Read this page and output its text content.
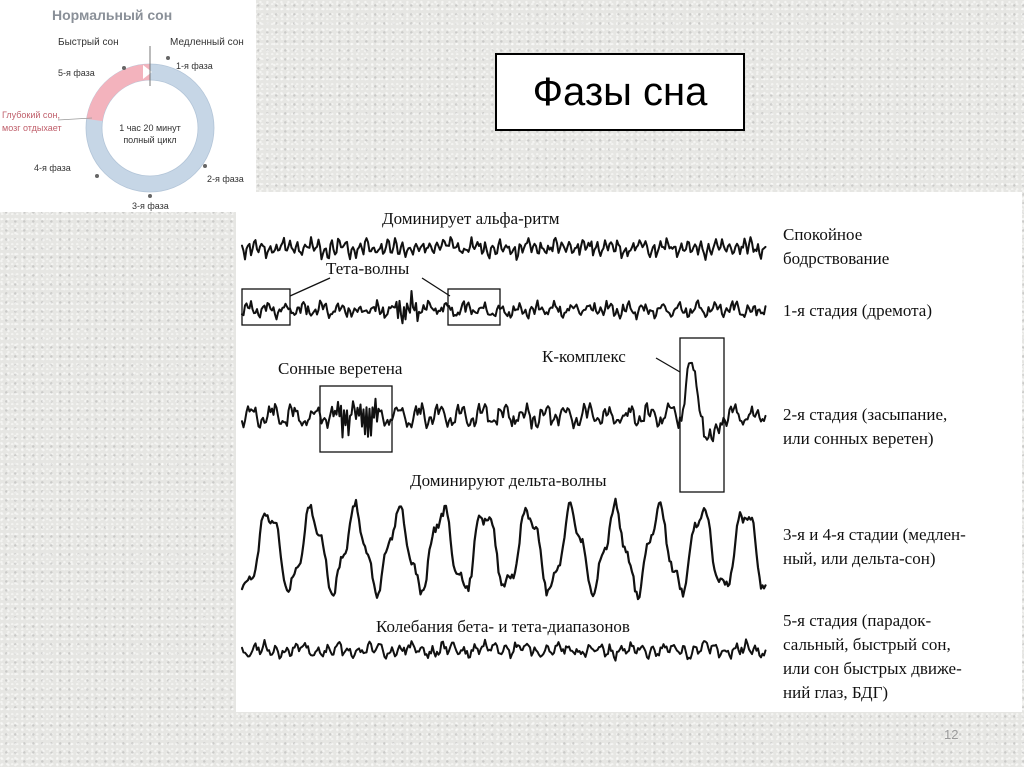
Нормальный сон
Быстрый сон	Медленный сон
1 час 20 минут
полный цикл
1-я фаза
2-я фаза
3-я фаза
4-я фаза
5-я фаза
Глубокий сон,
мозг отдыхает
Фазы сна
Доминирует альфа-ритм
Тета-волны
Сонные веретена
К-комплекс
Доминируют дельта-волны
Колебания бета- и тета-диапазонов
Спокойное
бодрствование
1-я стадия (дремота)
2-я стадия (засыпание,
или сонных веретен)
3-я и 4-я стадии (медлен-
ный, или дельта-сон)
5-я стадия (парадок-
сальный, быстрый сон,
или сон быстрых движе-
ний глаз, БДГ)
12
